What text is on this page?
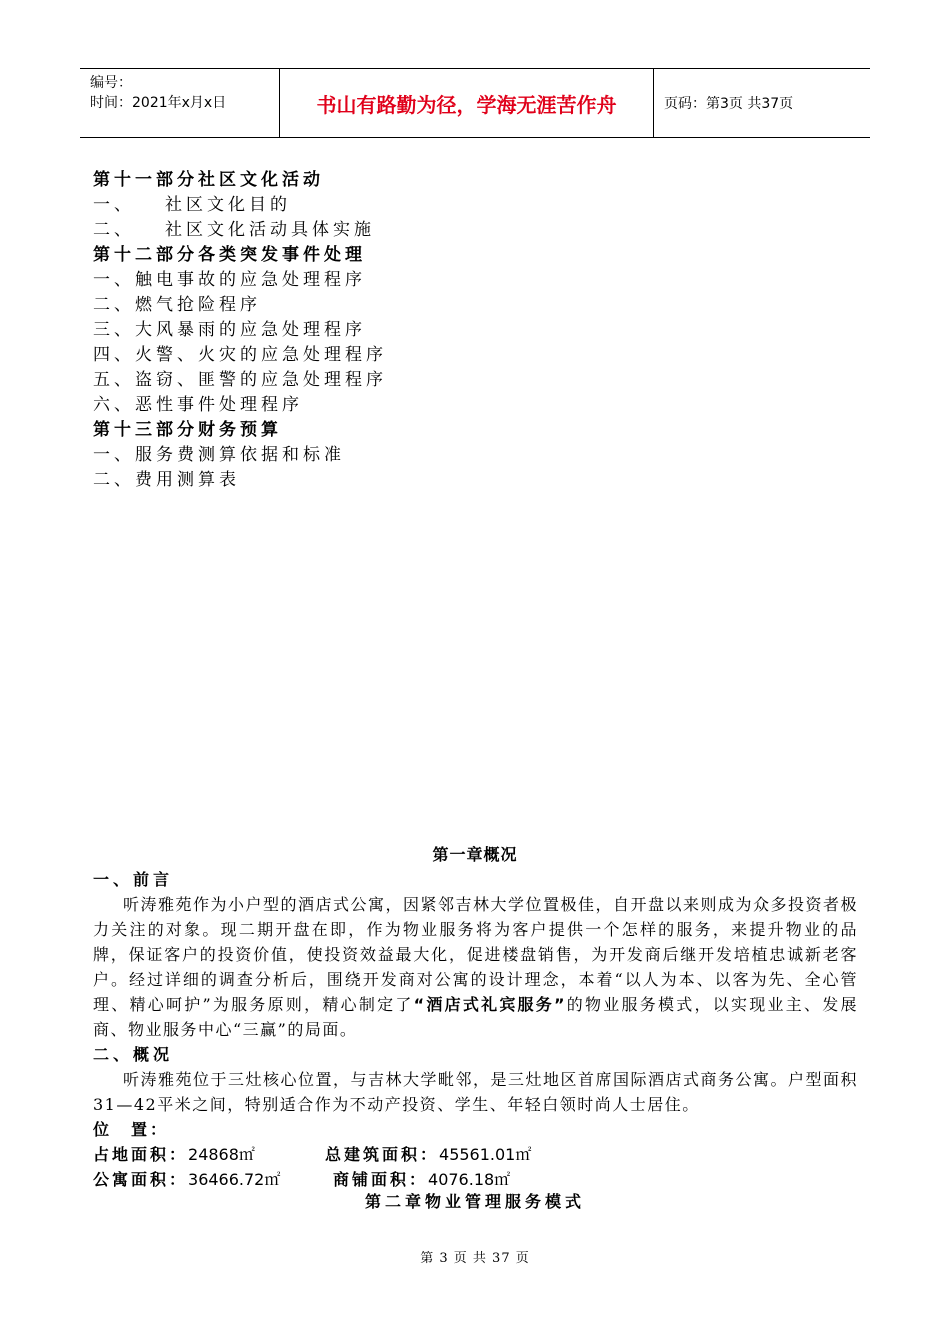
编号：
时间：2021年x月x日	书山有路勤为径，学海无涯苦作舟	页码：第3页 共37页
第十一部分社区文化活动
一、 社区文化目的
二、 社区文化活动具体实施
第十二部分各类突发事件处理
一、触电事故的应急处理程序
二、燃气抢险程序
三、大风暴雨的应急处理程序
四、火警、火灾的应急处理程序
五、盗窃、匪警的应急处理程序
六、恶性事件处理程序
第十三部分财务预算
一、服务费测算依据和标准
二、费用测算表
第一章概况
一、前言
听涛雅苑作为小户型的酒店式公寓，因紧邻吉林大学位置极佳，自开盘以来则成为众多投资者极力关注的对象。现二期开盘在即，作为物业服务将为客户提供一个怎样的服务，来提升物业的品牌，保证客户的投资价值，使投资效益最大化，促进楼盘销售，为开发商后继开发培植忠诚新老客户。经过详细的调查分析后，围绕开发商对公寓的设计理念，本着“以人为本、以客为先、全心管理、精心呵护”为服务原则，精心制定了“酒店式礼宾服务”的物业服务模式，以实现业主、发展商、物业服务中心“三赢”的局面。
二、概况
听涛雅苑位于三灶核心位置，与吉林大学毗邻，是三灶地区首席国际酒店式商务公寓。户型面积31—42平米之间，特别适合作为不动产投资、学生、年轻白领时尚人士居住。
位　置：
占地面积：24868㎡	总建筑面积：45561.01㎡
公寓面积：36466.72㎡	商铺面积：4076.18㎡
第二章物业管理服务模式
第 3 页 共 37 页
